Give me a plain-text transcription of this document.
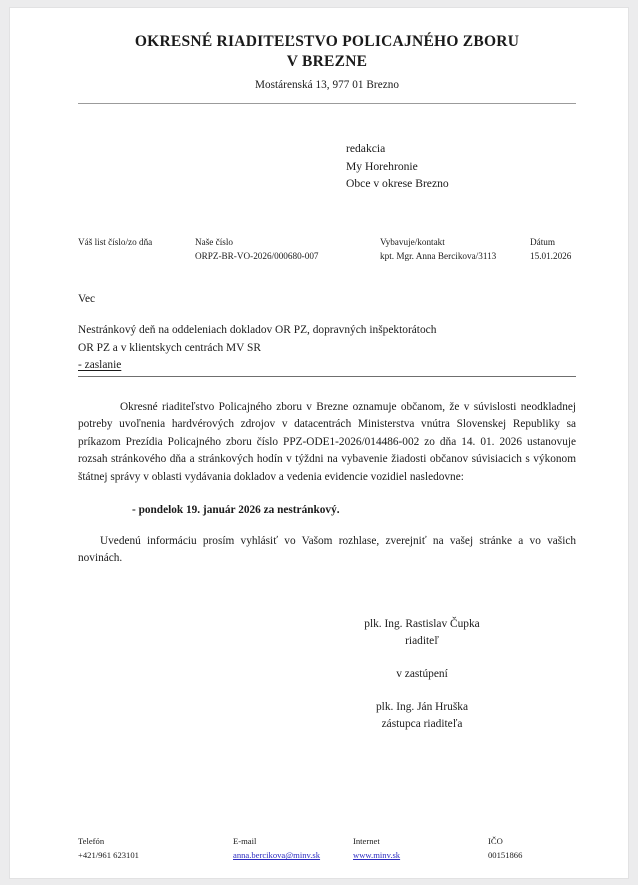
OKRESNÉ RIADITEĽSTVO POLICAJNÉHO ZBORU
V BREZNE
Mostárenská 13, 977 01 Brezno
redakcia
My Horehronie
Obce v okrese Brezno
Váš list číslo/zo dňa	Naše číslo	Vybavuje/kontakt	Dátum
	ORPZ-BR-VO-2026/000680-007	kpt. Mgr. Anna Bercikova/3113	15.01.2026
Vec
Nestránkový deň na oddeleniach dokladov OR PZ, dopravných inšpektorátoch
OR PZ a v klientskych centrách MV SR
- zaslanie
Okresné riaditeľstvo Policajného zboru v Brezne oznamuje občanom, že v súvislosti neodkladnej potreby uvoľnenia hardvérových zdrojov v datacentrách Ministerstva vnútra Slovenskej Republiky sa príkazom Prezídia Policajného zboru číslo PPZ-ODE1-2026/014486-002 zo dňa 14. 01. 2026 ustanovuje rozsah stránkového dňa a stránkových hodín v týždni na vybavenie žiadosti občanov súvisiacich s výkonom štátnej správy v oblasti vydávania dokladov a vedenia evidencie vozidiel nasledovne:
- pondelok 19. január 2026 za nestránkový.
Uvedenú informáciu prosím vyhlásiť vo Vašom rozhlase, zverejniť na vašej stránke a vo vašich novinách.
plk. Ing. Rastislav Čupka
riaditeľ
v zastúpení
plk. Ing. Ján Hruška
zástupca riaditeľa
Telefón	E-mail	Internet	IČO
+421/961 623101	anna.bercikova@minv.sk	www.minv.sk	00151866
